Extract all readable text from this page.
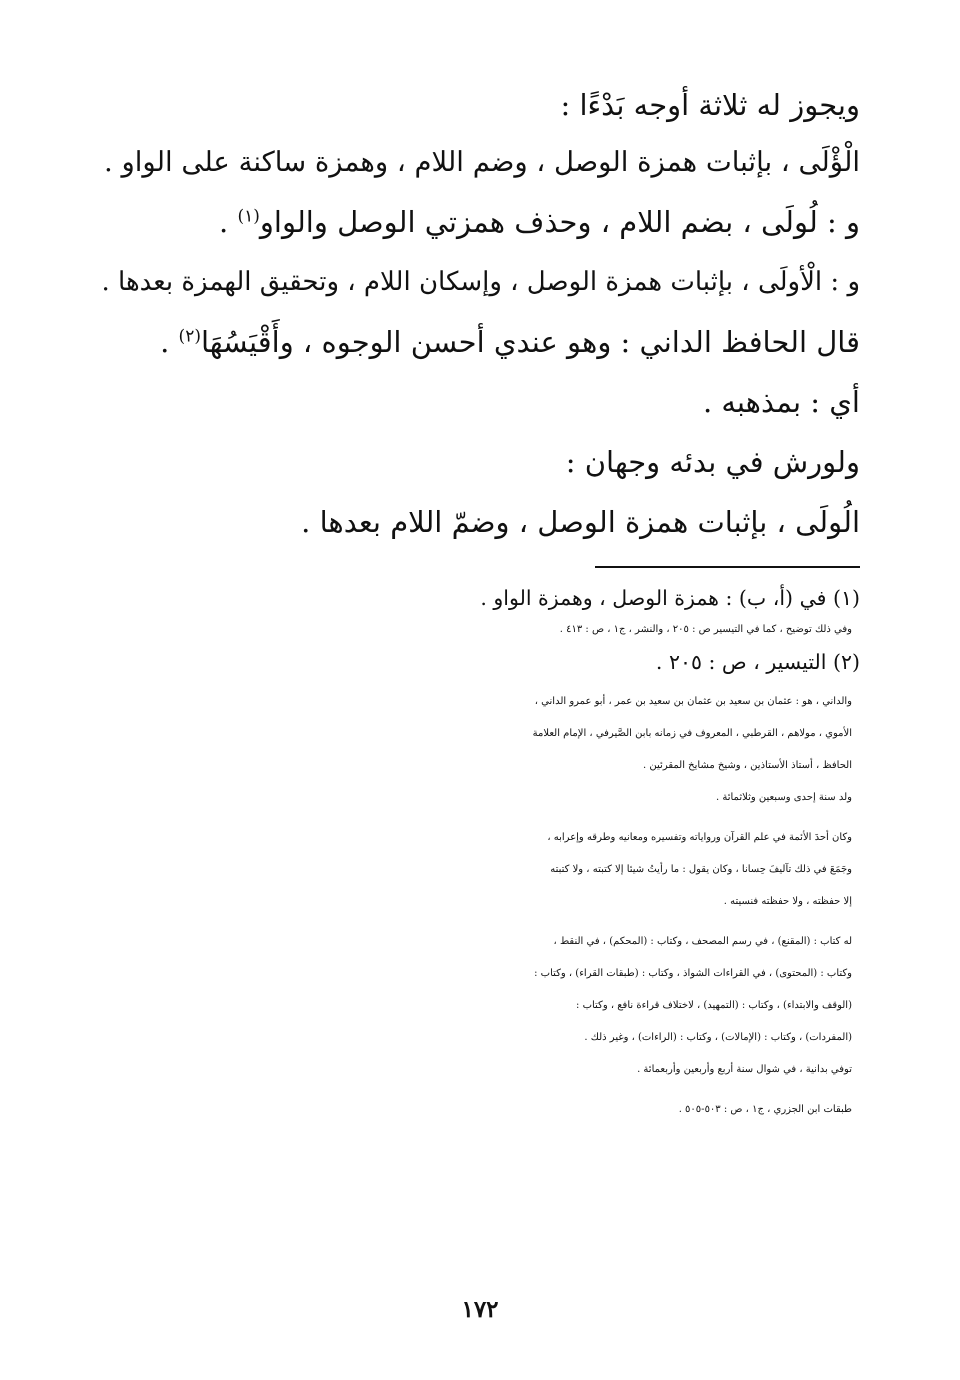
ويجوز له ثلاثة أوجه بَدْءًا :

الْؤْلَى ، بإثبات همزة الوصل ، وضم اللام ، وهمزة ساكنة على الواو .

و : لُولَى ، بضم اللام ، وحذف همزتي الوصل والواو$^{(١)}$ .

و : الْأولَى ، بإثبات همزة الوصل ، وإسكان اللام ، وتحقيق الهمزة بعدها .

قال الحافظ الداني : وهو عندي أحسن الوجوه ، وأَقْيَسُهَا$^{(٢)}$ .

أي : بمذهبه .

ولورش في بدئه وجهان :

الُولَى ، بإثبات همزة الوصل ، وضمّ اللام بعدها .

(١) في (أ، ب) : همزة الوصل ، وهمزة الواو .

وفي ذلك توضيح ، كما في التيسير ص : ٢٠٥ ، والنشر ، ج١ ، ص : ٤١٣ .

(٢) التيسير ، ص : ٢٠٥ .

والداني ، هو : عثمان بن سعيد بن عثمان بن سعيد بن عمر ، أبو عمرو الداني ،

الأموي ، مولاهم ، القرطبي ، المعروف في زمانه بابن الصَّيرفي ، الإمام العلامة

الحافظ ، أستاذ الأستاذين ، وشيخ مشايخ المقرئين .

ولد سنة إحدى وسبعين وثلاثمائة .

وكان أحدَ الأئمة في علم القرآن ورواياته وتفسيره ومعانيه وطرقه وإعرابه ،

وجَمَعَ في ذلك تآليفَ حِسانا ، وكان يقول : ما رأيتُ شيئا إلا كتبته ، ولا كتبته

إلا حفظته ، ولا حفظته فنسيته .

له كتاب : (المقنع) ، في رسم المصحف ، وكتاب : (المحكم) ، في النقط ،

وكتاب : (المحتوى) ، في القراءات الشواذ ، وكتاب : (طبقات القراء) ، وكتاب :

(الوقف والابتداء) ، وكتاب : (التمهيد) ، لاختلاف قراءة نافع ، وكتاب :

(المفردات) ، وكتاب : (الإمالات) ، وكتاب : (الراءات) ، وغير ذلك .

توفي بدانية ، في شوال سنة أربع وأربعين وأربعمائة .

طبقات ابن الجزري ، ج١ ، ص : ٥٠٣-٥٠٥ .

١٧٢
